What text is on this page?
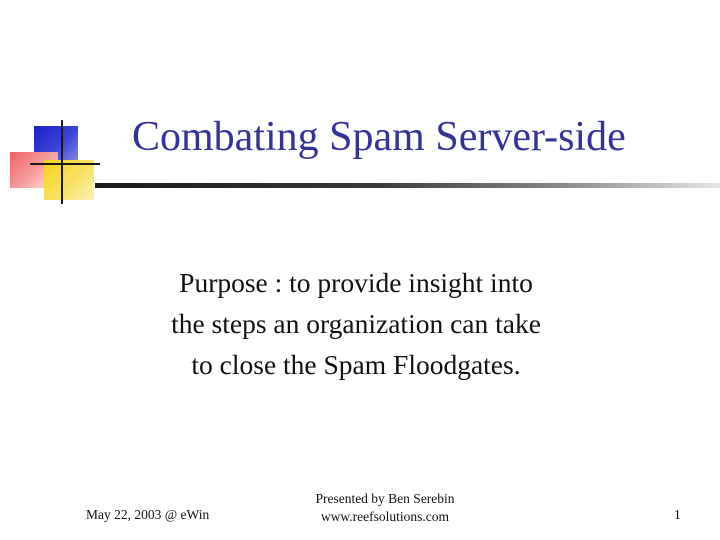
Combating Spam Server-side
Purpose : to provide insight into
the steps an organization can take
to close the Spam Floodgates.
May 22, 2003 @ eWin
Presented by Ben Serebin
www.reefsolutions.com	1
